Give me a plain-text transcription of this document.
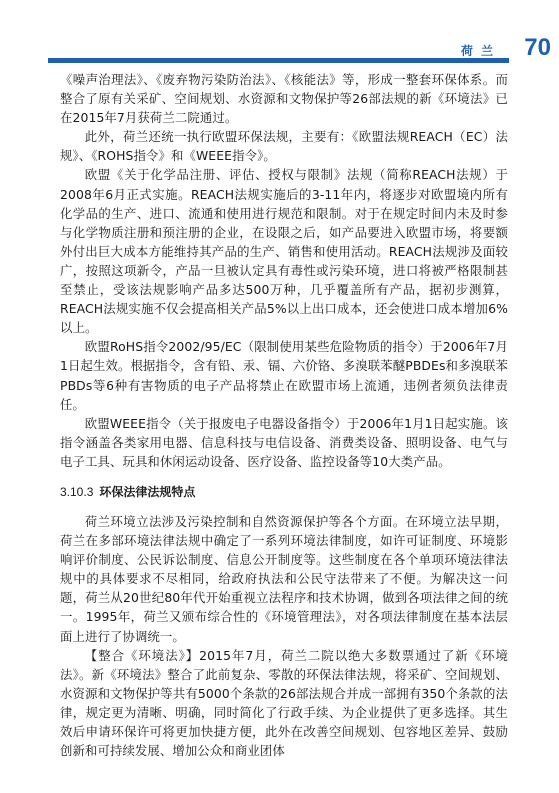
荷 兰 70

《噪声治理法》、《废弃物污染防治法》、《核能法》等，形成一整套环保体系。而整合了原有关采矿、空间规划、水资源和文物保护等26部法规的新《环境法》已在2015年7月获荷兰二院通过。

此外，荷兰还统一执行欧盟环保法规，主要有：《欧盟法规REACH（EC）法规》、《ROHS指令》和《WEEE指令》。

欧盟《关于化学品注册、评估、授权与限制》法规（简称REACH法规）于2008年6月正式实施。REACH法规实施后的3-11年内，将逐步对欧盟境内所有化学品的生产、进口、流通和使用进行规范和限制。对于在规定时间内未及时参与化学物质注册和预注册的企业，在设限之后，如产品要进入欧盟市场，将要额外付出巨大成本方能维持其产品的生产、销售和使用活动。REACH法规涉及面较广，按照这项新令，产品一旦被认定具有毒性或污染环境，进口将被严格限制甚至禁止，受该法规影响产品多达500万种，几乎覆盖所有产品，据初步测算，REACH法规实施不仅会提高相关产品5%以上出口成本，还会使进口成本增加6%以上。

欧盟RoHS指令2002/95/EC（限制使用某些危险物质的指令）于2006年7月1日起生效。根据指令，含有铅、汞、镉、六价铬、多溴联苯醚PBDEs和多溴联苯PBDs等6种有害物质的电子产品将禁止在欧盟市场上流通，违例者须负法律责任。

欧盟WEEE指令（关于报废电子电器设备指令）于2006年1月1日起实施。该指令涵盖各类家用电器、信息科技与电信设备、消费类设备、照明设备、电气与电子工具、玩具和休闲运动设备、医疗设备、监控设备等10大类产品。

3.10.3 环保法律法规特点

荷兰环境立法涉及污染控制和自然资源保护等各个方面。在环境立法早期，荷兰在多部环境法律法规中确定了一系列环境法律制度，如许可证制度、环境影响评价制度、公民诉讼制度、信息公开制度等。这些制度在各个单项环境法律法规中的具体要求不尽相同，给政府执法和公民守法带来了不便。为解决这一问题，荷兰从20世纪80年代开始重视立法程序和技术协调，做到各项法律之间的统一。1995年，荷兰又颁布综合性的《环境管理法》，对各项法律制度在基本法层面上进行了协调统一。

【整合《环境法》】2015年7月，荷兰二院以绝大多数票通过了新《环境法》。新《环境法》整合了此前复杂、零散的环保法律法规，将采矿、空间规划、水资源和文物保护等共有5000个条款的26部法规合并成一部拥有350个条款的法律，规定更为清晰、明确，同时简化了行政手续、为企业提供了更多选择。其生效后申请环保许可将更加快捷方便，此外在改善空间规划、包容地区差异、鼓励创新和可持续发展、增加公众和商业团体
